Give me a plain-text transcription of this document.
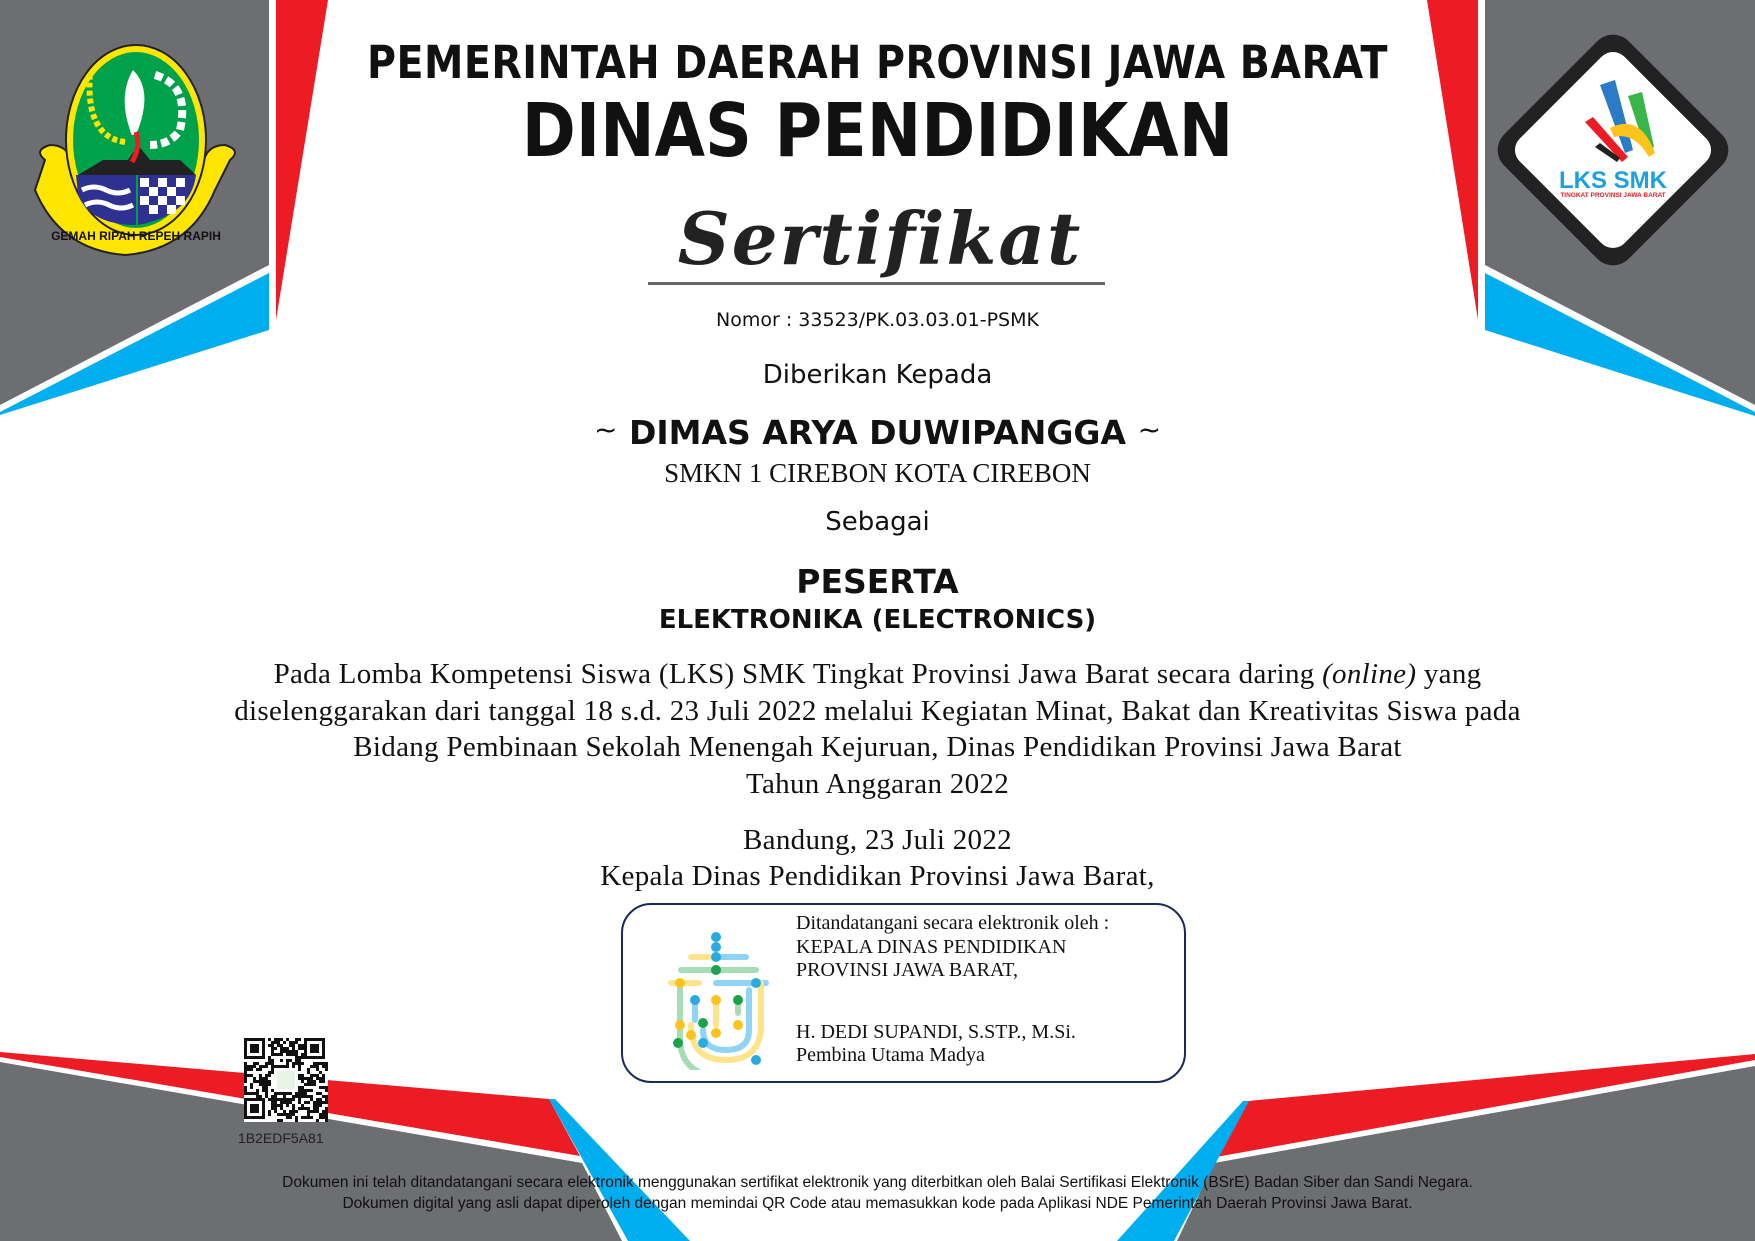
GEMAH RIPAH REPEH RAPIH
LKS SMK
TINGKAT PROVINSI JAWA BARAT
PEMERINTAH DAERAH PROVINSI JAWA BARAT
DINAS PENDIDIKAN
Sertifikat
Nomor : 33523/PK.03.03.01-PSMK
Diberikan Kepada
~ DIMAS ARYA DUWIPANGGA ~
SMKN 1 CIREBON KOTA CIREBON
Sebagai
PESERTA
ELEKTRONIKA (ELECTRONICS)
Pada Lomba Kompetensi Siswa (LKS) SMK Tingkat Provinsi Jawa Barat secara daring (online) yang
diselenggarakan dari tanggal 18 s.d. 23 Juli 2022 melalui Kegiatan Minat, Bakat dan Kreativitas Siswa pada
Bidang Pembinaan Sekolah Menengah Kejuruan, Dinas Pendidikan Provinsi Jawa Barat
Tahun Anggaran 2022
Bandung, 23 Juli 2022
Kepala Dinas Pendidikan Provinsi Jawa Barat,
Ditandatangani secara elektronik oleh :
KEPALA DINAS PENDIDIKAN
PROVINSI JAWA BARAT,
H. DEDI SUPANDI, S.STP., M.Si.
Pembina Utama Madya
1B2EDF5A81
Dokumen ini telah ditandatangani secara elektronik menggunakan sertifikat elektronik yang diterbitkan oleh Balai Sertifikasi Elektronik (BSrE) Badan Siber dan Sandi Negara.
Dokumen digital yang asli dapat diperoleh dengan memindai QR Code atau memasukkan kode pada Aplikasi NDE Pemerintah Daerah Provinsi Jawa Barat.
